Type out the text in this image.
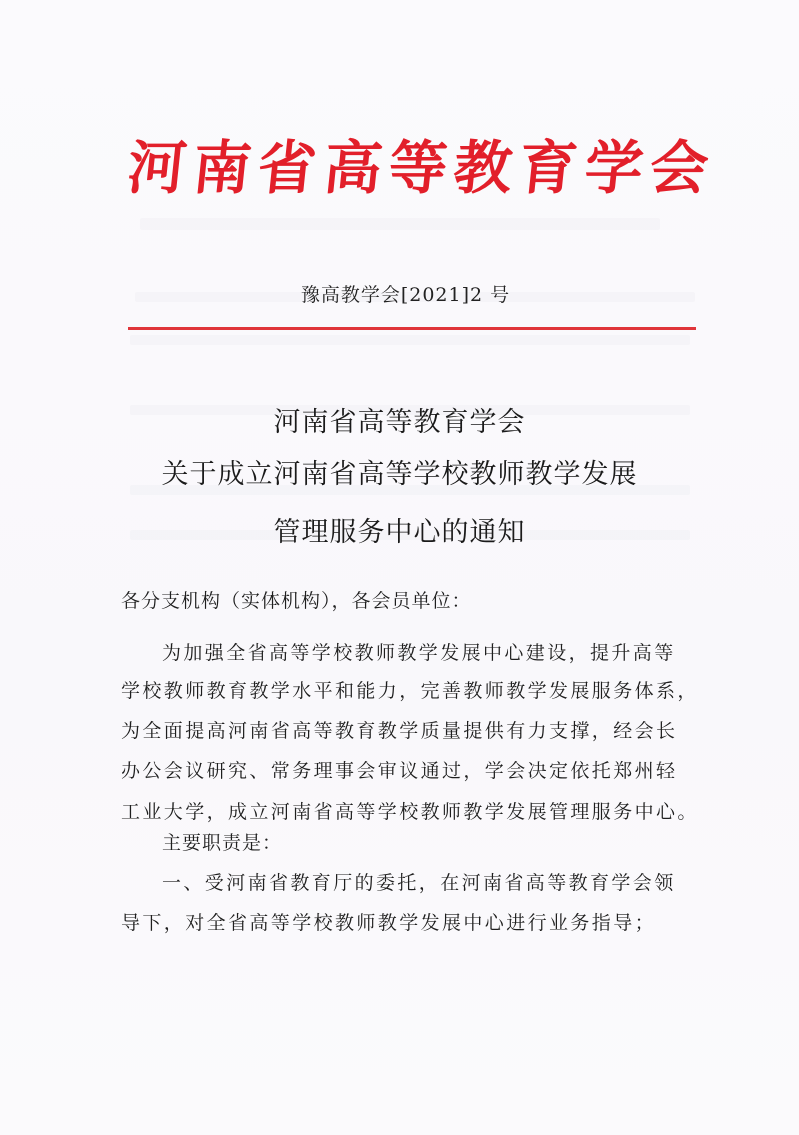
河 南 省 高 等 教 育 学 会
豫高教学会[2021]2 号
河南省高等教育学会
关于成立河南省高等学校教师教学发展
管理服务中心的通知
各分支机构（实体机构），各会员单位：
为加强全省高等学校教师教学发展中心建设，提升高等
学校教师教育教学水平和能力，完善教师教学发展服务体系，
为全面提高河南省高等教育教学质量提供有力支撑，经会长
办公会议研究、常务理事会审议通过，学会决定依托郑州轻
工业大学，成立河南省高等学校教师教学发展管理服务中心。
主要职责是：
一、受河南省教育厅的委托，在河南省高等教育学会领
导下，对全省高等学校教师教学发展中心进行业务指导；
